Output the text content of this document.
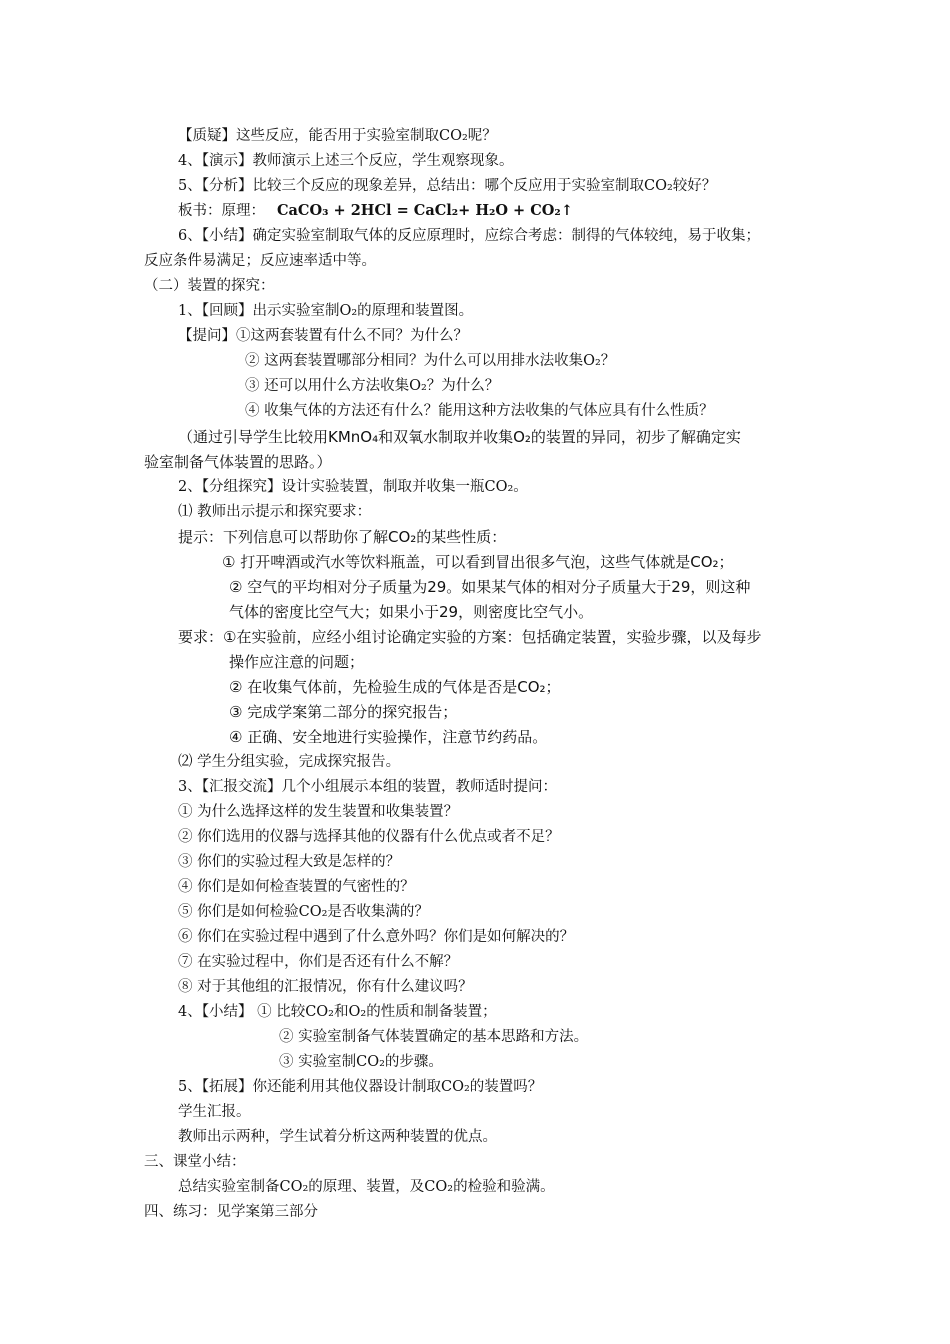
【质疑】这些反应，能否用于实验室制取CO₂呢？
4、【演示】教师演示上述三个反应，学生观察现象。
5、【分析】比较三个反应的现象差异，总结出：哪个反应用于实验室制取CO₂较好？
板书：原理： CaCO₃ + 2HCl = CaCl₂+ H₂O + CO₂↑
6、【小结】确定实验室制取气体的反应原理时，应综合考虑：制得的气体较纯，易于收集；
反应条件易满足；反应速率适中等。
（二）装置的探究：
1、【回顾】出示实验室制O₂的原理和装置图。
【提问】①这两套装置有什么不同？为什么？
② 这两套装置哪部分相同？为什么可以用排水法收集O₂？
③ 还可以用什么方法收集O₂？为什么？
④ 收集气体的方法还有什么？能用这种方法收集的气体应具有什么性质？
（通过引导学生比较用KMnO₄和双氧水制取并收集O₂的装置的异同，初步了解确定实
验室制备气体装置的思路。）
2、【分组探究】设计实验装置，制取并收集一瓶CO₂。
⑴ 教师出示提示和探究要求：
提示：下列信息可以帮助你了解CO₂的某些性质：
① 打开啤酒或汽水等饮料瓶盖，可以看到冒出很多气泡，这些气体就是CO₂；
② 空气的平均相对分子质量为29。如果某气体的相对分子质量大于29，则这种
气体的密度比空气大；如果小于29，则密度比空气小。
要求：①在实验前，应经小组讨论确定实验的方案：包括确定装置，实验步骤，以及每步
操作应注意的问题；
② 在收集气体前，先检验生成的气体是否是CO₂；
③ 完成学案第二部分的探究报告；
④ 正确、安全地进行实验操作，注意节约药品。
⑵ 学生分组实验，完成探究报告。
3、【汇报交流】几个小组展示本组的装置，教师适时提问：
① 为什么选择这样的发生装置和收集装置？
② 你们选用的仪器与选择其他的仪器有什么优点或者不足？
③ 你们的实验过程大致是怎样的？
④ 你们是如何检查装置的气密性的？
⑤ 你们是如何检验CO₂是否收集满的？
⑥ 你们在实验过程中遇到了什么意外吗？你们是如何解决的？
⑦ 在实验过程中，你们是否还有什么不解？
⑧ 对于其他组的汇报情况，你有什么建议吗？
4、【小结】 ① 比较CO₂和O₂的性质和制备装置；
② 实验室制备气体装置确定的基本思路和方法。
③ 实验室制CO₂的步骤。
5、【拓展】你还能利用其他仪器设计制取CO₂的装置吗？
学生汇报。
教师出示两种，学生试着分析这两种装置的优点。
三、课堂小结：
总结实验室制备CO₂的原理、装置，及CO₂的检验和验满。
四、练习：见学案第三部分
